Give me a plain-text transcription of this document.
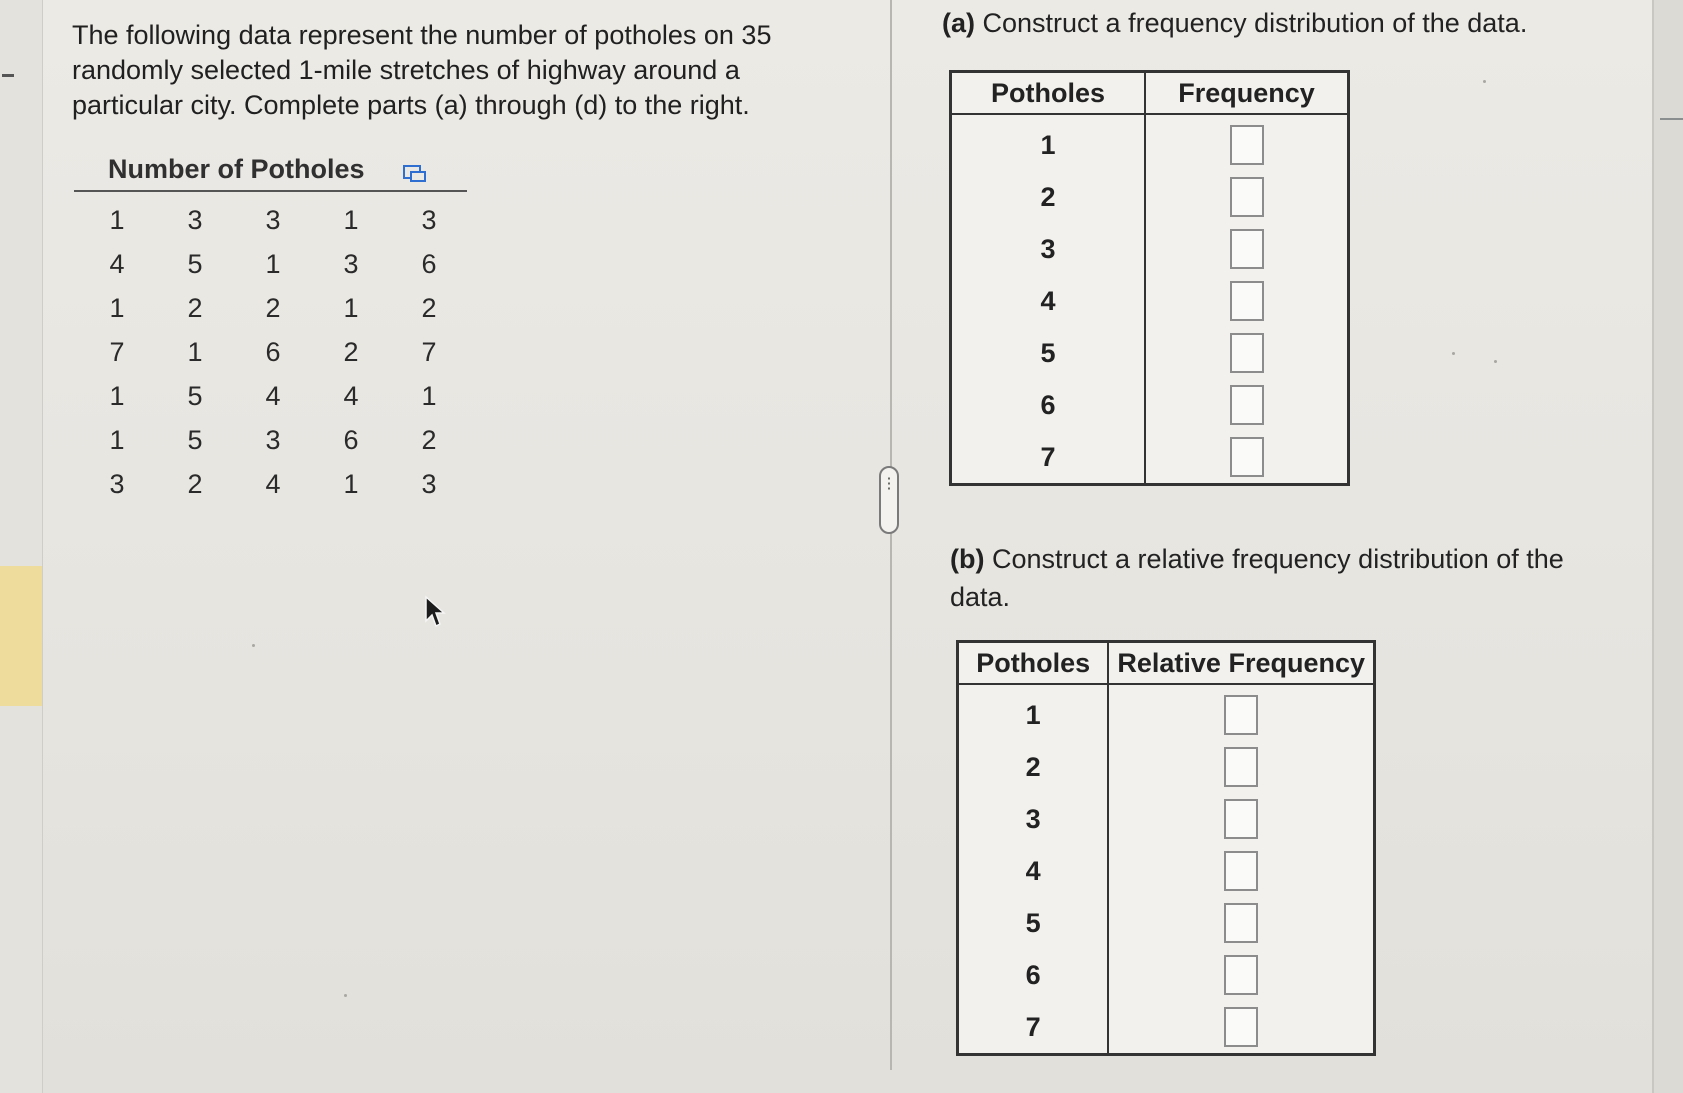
The following data represent the number of potholes on 35 randomly selected 1-mile stretches of highway around a particular city. Complete parts (a) through (d) to the right.

Number of Potholes
1	3	3	1	3
4	5	1	3	6
1	2	2	1	2
7	1	6	2	7
1	5	4	4	1
1	5	3	6	2
3	2	4	1	3	⋮

(a) Construct a frequency distribution of the data.

Potholes	Frequency
1	
2	
3	
4	
5	
6	
7	

(b) Construct a relative frequency distribution of the data.

Potholes	Relative Frequency
1	
2	
3	
4	
5	
6	
7	
